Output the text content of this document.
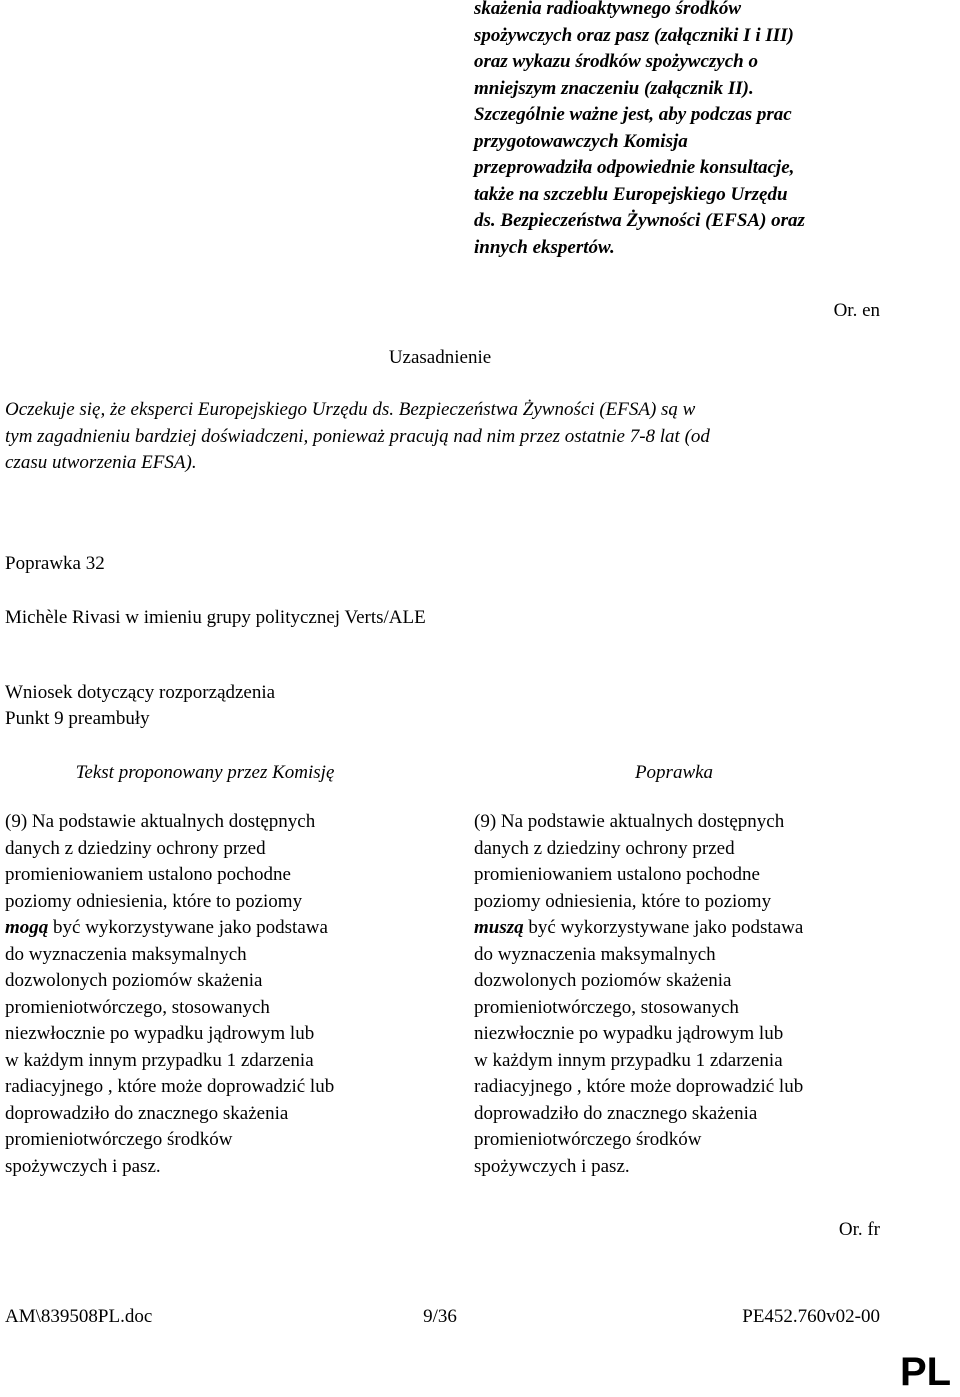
skażenia radioaktywnego środków
spożywczych oraz pasz (załączniki I i III)
oraz wykazu środków spożywczych o
mniejszym znaczeniu (załącznik II).
Szczególnie ważne jest, aby podczas prac
przygotowawczych Komisja
przeprowadziła odpowiednie konsultacje,
także na szczeblu Europejskiego Urzędu
ds. Bezpieczeństwa Żywności (EFSA) oraz
innych ekspertów.
Or. en
Uzasadnienie
Oczekuje się, że eksperci Europejskiego Urzędu ds. Bezpieczeństwa Żywności (EFSA) są w
tym zagadnieniu bardziej doświadczeni, ponieważ pracują nad nim przez ostatnie 7-8 lat (od
czasu utworzenia EFSA).
Poprawka 32
Michèle Rivasi w imieniu grupy politycznej Verts/ALE
Wniosek dotyczący rozporządzenia
Punkt 9 preambuły
Tekst proponowany przez Komisję	Poprawka
(9) Na podstawie aktualnych dostępnych
danych z dziedziny ochrony przed
promieniowaniem ustalono pochodne
poziomy odniesienia, które to poziomy
mogą być wykorzystywane jako podstawa
do wyznaczenia maksymalnych
dozwolonych poziomów skażenia
promieniotwórczego, stosowanych
niezwłocznie po wypadku jądrowym lub
w każdym innym przypadku 1 zdarzenia
radiacyjnego , które może doprowadzić lub
doprowadziło do znacznego skażenia
promieniotwórczego środków
spożywczych i pasz.
(9) Na podstawie aktualnych dostępnych
danych z dziedziny ochrony przed
promieniowaniem ustalono pochodne
poziomy odniesienia, które to poziomy
muszą być wykorzystywane jako podstawa
do wyznaczenia maksymalnych
dozwolonych poziomów skażenia
promieniotwórczego, stosowanych
niezwłocznie po wypadku jądrowym lub
w każdym innym przypadku 1 zdarzenia
radiacyjnego , które może doprowadzić lub
doprowadziło do znacznego skażenia
promieniotwórczego środków
spożywczych i pasz.
Or. fr
AM\839508PL.doc	9/36	PE452.760v02-00
PL
